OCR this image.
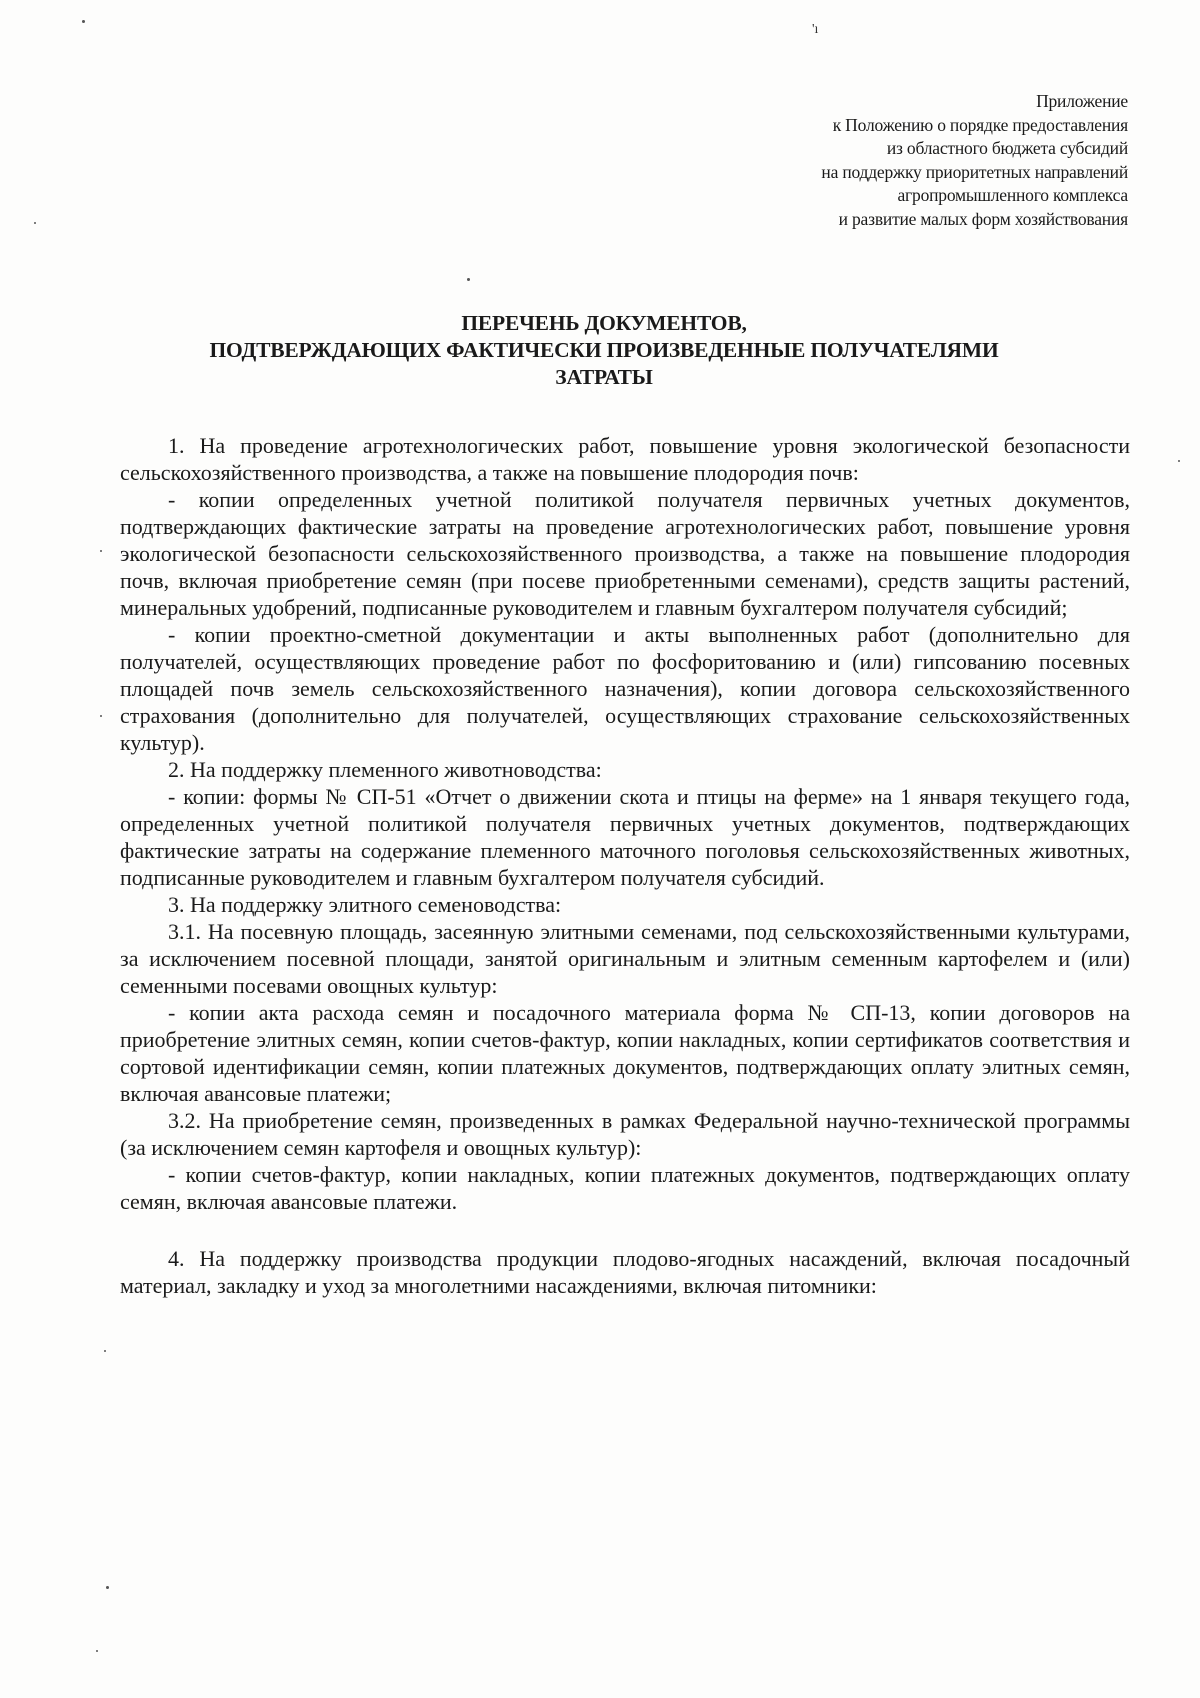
'ı
Приложение
к Положению о порядке предоставления
из областного бюджета субсидий
на поддержку приоритетных направлений
агропромышленного комплекса
и развитие малых форм хозяйствования
ПЕРЕЧЕНЬ ДОКУМЕНТОВ,
ПОДТВЕРЖДАЮЩИХ ФАКТИЧЕСКИ ПРОИЗВЕДЕННЫЕ ПОЛУЧАТЕЛЯМИ
ЗАТРАТЫ

1. На проведение агротехнологических работ, повышение уровня экологической безопасности сельскохозяйственного производства, а также на повышение плодородия почв:

- копии определенных учетной политикой получателя первичных учетных документов, подтверждающих фактические затраты на проведение агротехнологических работ, повышение уровня экологической безопасности сельскохозяйственного производства, а также на повышение плодородия почв, включая приобретение семян (при посеве приобретенными семенами), средств защиты растений, минеральных удобрений, подписанные руководителем и главным бухгалтером получателя субсидий;

- копии проектно-сметной документации и акты выполненных работ (дополнительно для получателей, осуществляющих проведение работ по фосфоритованию и (или) гипсованию посевных площадей почв земель сельскохозяйственного назначения), копии договора сельскохозяйственного страхования (дополнительно для получателей, осуществляющих страхование сельскохозяйственных культур).

2. На поддержку племенного животноводства:

- копии: формы № СП-51 «Отчет о движении скота и птицы на ферме» на 1 января текущего года, определенных учетной политикой получателя первичных учетных документов, подтверждающих фактические затраты на содержание племенного маточного поголовья сельскохозяйственных животных, подписанные руководителем и главным бухгалтером получателя субсидий.

3. На поддержку элитного семеноводства:

3.1. На посевную площадь, засеянную элитными семенами, под сельскохозяйственными культурами, за исключением посевной площади, занятой оригинальным и элитным семенным картофелем и (или) семенными посевами овощных культур:

- копии акта расхода семян и посадочного материала форма № СП-13, копии договоров на приобретение элитных семян, копии счетов-фактур, копии накладных, копии сертификатов соответствия и сортовой идентификации семян, копии платежных документов, подтверждающих оплату элитных семян, включая авансовые платежи;

3.2. На приобретение семян, произведенных в рамках Федеральной научно-технической программы (за исключением семян картофеля и овощных культур):

- копии счетов-фактур, копии накладных, копии платежных документов, подтверждающих оплату семян, включая авансовые платежи.

4. На поддержку производства продукции плодово-ягодных насаждений, включая посадочный материал, закладку и уход за многолетними насаждениями, включая питомники:
